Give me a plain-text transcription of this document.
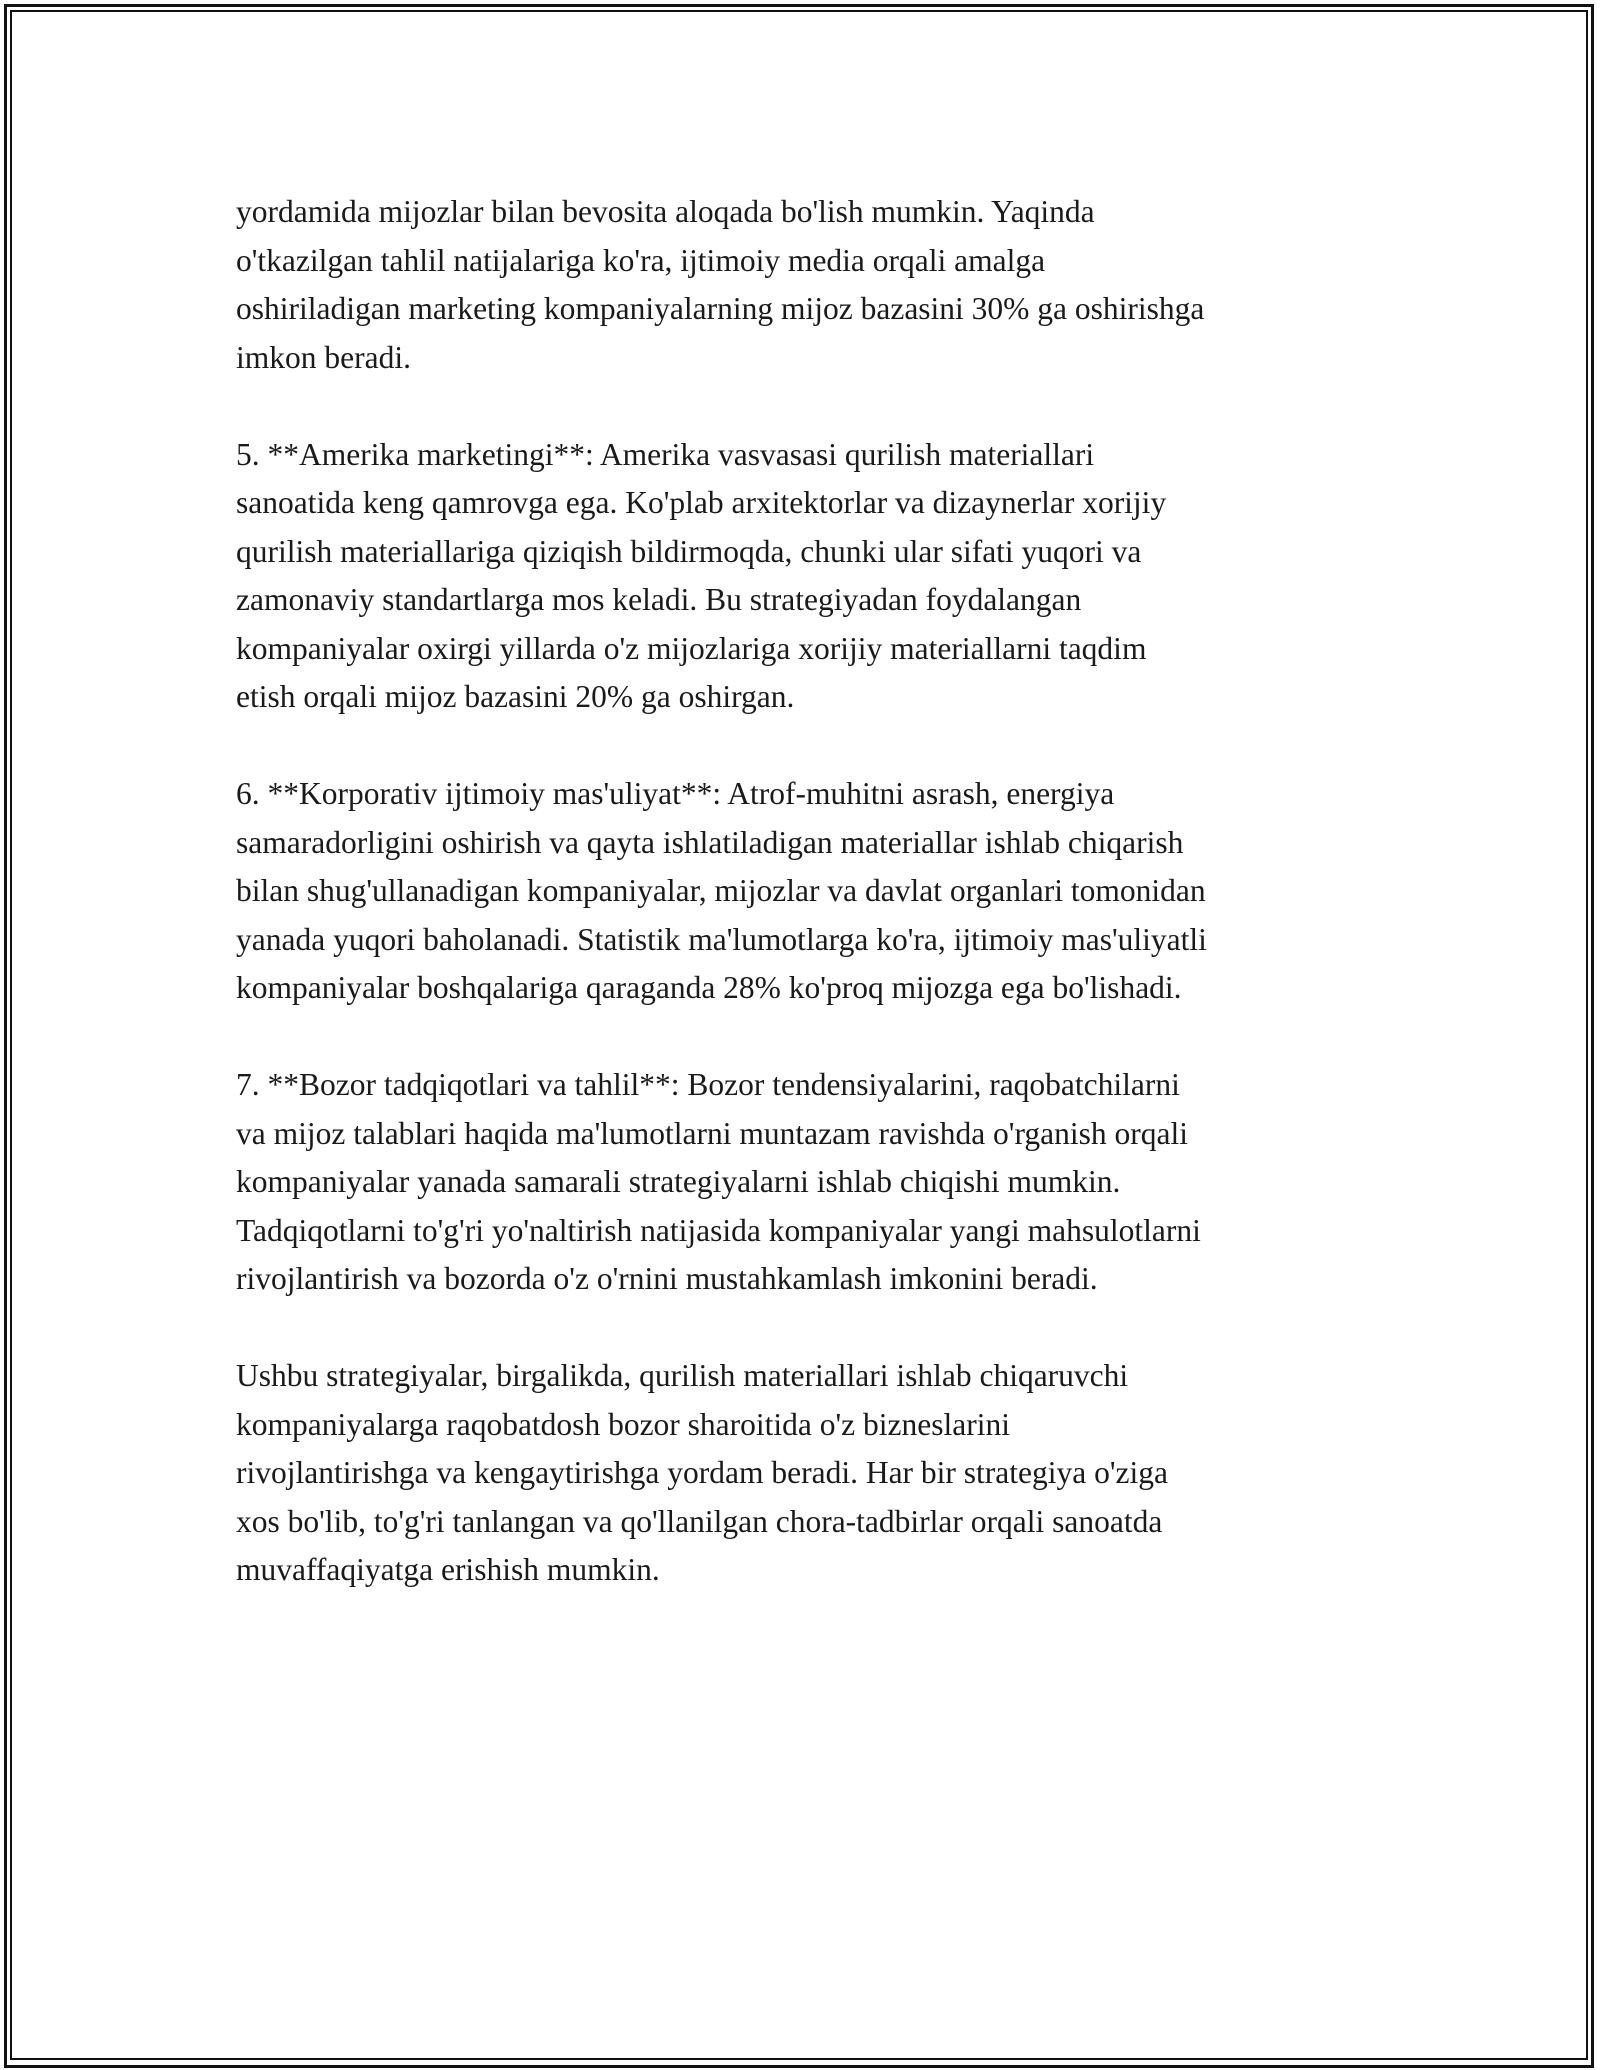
yordamida mijozlar bilan bevosita aloqada bo'lish mumkin. Yaqinda
o'tkazilgan tahlil natijalariga ko'ra, ijtimoiy media orqali amalga
oshiriladigan marketing kompaniyalarning mijoz bazasini 30% ga oshirishga
imkon beradi.

5. **Amerika marketingi**: Amerika vasvasasi qurilish materiallari
sanoatida keng qamrovga ega. Ko'plab arxitektorlar va dizaynerlar xorijiy
qurilish materiallariga qiziqish bildirmoqda, chunki ular sifati yuqori va
zamonaviy standartlarga mos keladi. Bu strategiyadan foydalangan
kompaniyalar oxirgi yillarda o'z mijozlariga xorijiy materiallarni taqdim
etish orqali mijoz bazasini 20% ga oshirgan.

6. **Korporativ ijtimoiy mas'uliyat**: Atrof-muhitni asrash, energiya
samaradorligini oshirish va qayta ishlatiladigan materiallar ishlab chiqarish
bilan shug'ullanadigan kompaniyalar, mijozlar va davlat organlari tomonidan
yanada yuqori baholanadi. Statistik ma'lumotlarga ko'ra, ijtimoiy mas'uliyatli
kompaniyalar boshqalariga qaraganda 28% ko'proq mijozga ega bo'lishadi.

7. **Bozor tadqiqotlari va tahlil**: Bozor tendensiyalarini, raqobatchilarni
va mijoz talablari haqida ma'lumotlarni muntazam ravishda o'rganish orqali
kompaniyalar yanada samarali strategiyalarni ishlab chiqishi mumkin.
Tadqiqotlarni to'g'ri yo'naltirish natijasida kompaniyalar yangi mahsulotlarni
rivojlantirish va bozorda o'z o'rnini mustahkamlash imkonini beradi.

Ushbu strategiyalar, birgalikda, qurilish materiallari ishlab chiqaruvchi
kompaniyalarga raqobatdosh bozor sharoitida o'z bizneslarini
rivojlantirishga va kengaytirishga yordam beradi. Har bir strategiya o'ziga
xos bo'lib, to'g'ri tanlangan va qo'llanilgan chora-tadbirlar orqali sanoatda
muvaffaqiyatga erishish mumkin.
